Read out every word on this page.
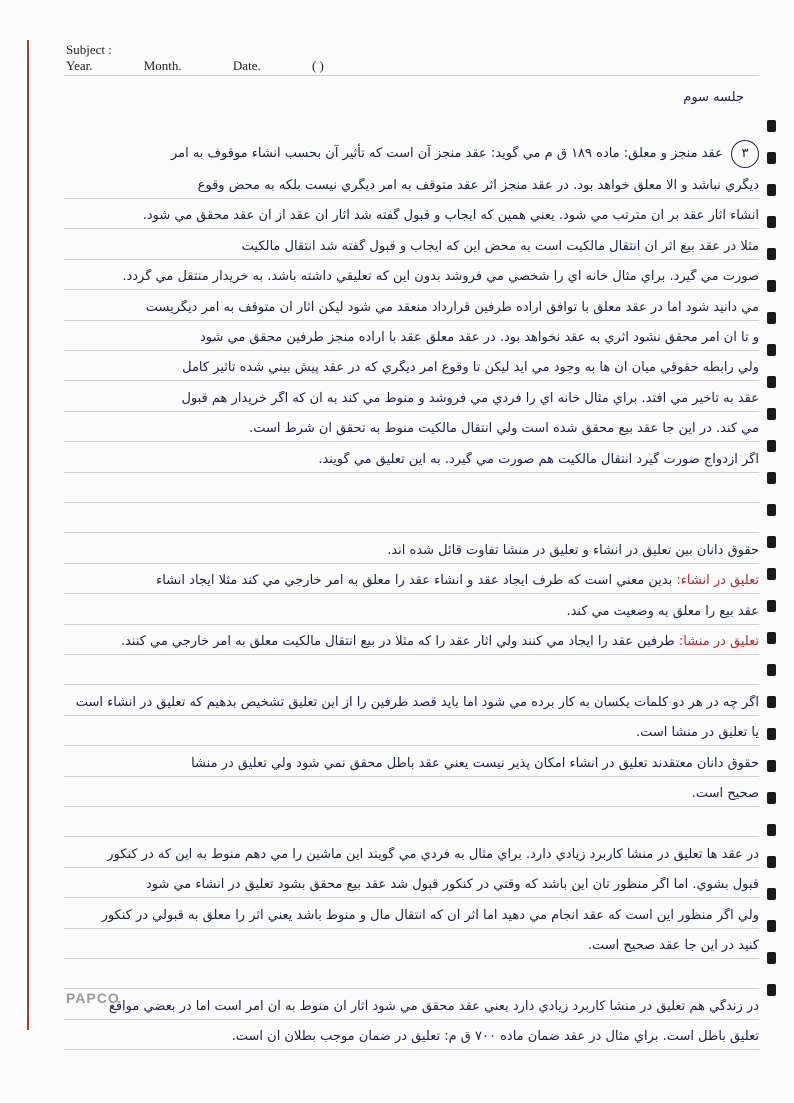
Subject :
Year.	Month.	Date.	( )
جلسه سوم
۳ عقد منجز و معلق: ماده ۱۸۹ ق م مي گويد: عقد منجز آن است كه تأثير آن بحسب انشاء موقوف به امر
ديگري نباشد و الا معلق خواهد بود. در عقد منجز اثر عقد متوقف به امر ديگري نيست بلكه به محض وقوع
انشاء آثار عقد بر آن مترتب مي شود. يعني همين كه ايجاب و قبول گفته شد آثار آن عقد از آن عقد محقق مي شود.
مثلا در عقد بيع اثر آن انتقال مالكيت است به محض اين كه ايجاب و قبول گفته شد انتقال مالكيت
صورت مي گيرد. براي مثال خانه اي را شخصي مي فروشد بدون اين كه تعليقي داشته باشد. به خريدار منتقل مي گردد.
مي دانيد شود اما در عقد معلق با توافق اراده طرفين قرارداد منعقد مي شود ليكن آثار آن متوقف به امر ديگريست
و تا آن امر محقق نشود اثري به عقد نخواهد بود. در عقد معلق عقد با اراده منجز طرفين محقق مي شود
ولي رابطه حقوقي ميان آن ها به وجود مي آيد ليكن تا وقوع امر ديگري كه در عقد پيش بيني شده تأثير كامل
عقد به تأخير مي افتد. براي مثال خانه اي را فردي مي فروشد و منوط مي كند به آن كه اگر خريدار هم قبول
مي كند. در اين جا عقد بيع محقق شده است ولي انتقال مالكيت منوط به تحقق آن شرط است.
اگر ازدواج صورت گيرد انتقال مالكيت هم صورت مي گيرد. به اين تعليق مي گويند.
حقوق دانان بين تعليق در انشاء و تعليق در منشأ تفاوت قائل شده اند.
تعليق در انشاء: بدين معني است كه طرف ايجاد عقد و انشاء عقد را معلق به امر خارجي مي كند مثلا ايجاد انشاء
عقد بيع را معلق به وضعيت مي كند.
تعليق در منشأ: طرفين عقد را ايجاد مي كنند ولي آثار عقد را كه مثلا در بيع انتقال مالكيت معلق به امر خارجي مي كنند.
اگر چه در هر دو كلمات يكسان به كار برده مي شود اما بايد قصد طرفين را از اين تعليق تشخيص بدهيم كه تعليق در انشاء است
يا تعليق در منشأ است.
حقوق دانان معتقدند تعليق در انشاء امكان پذير نيست يعني عقد باطل محقق نمي شود ولي تعليق در منشأ
صحيح است.
در عقد ها تعليق در منشأ كاربرد زيادي دارد. براي مثال به فردي مي گويند اين ماشين را مي دهم منوط به اين كه در كنكور
قبول بشوي. اما اگر منظور تان اين باشد كه وقتي در كنكور قبول شد عقد بيع محقق بشود تعليق در انشاء مي شود
ولي اگر منظور اين است كه عقد انجام مي دهيد اما اثر آن كه انتقال مال و منوط باشد يعني اثر را معلق به قبولي در كنكور
كنيد در اين جا عقد صحيح است.
در زندگي هم تعليق در منشأ كاربرد زيادي دارد يعني عقد محقق مي شود آثار آن منوط به آن امر است اما در بعضي مواقع
تعليق باطل است. براي مثال در عقد ضمان ماده ۷۰۰ ق م: تعليق در ضمان موجب بطلان آن است.
PAPCO
